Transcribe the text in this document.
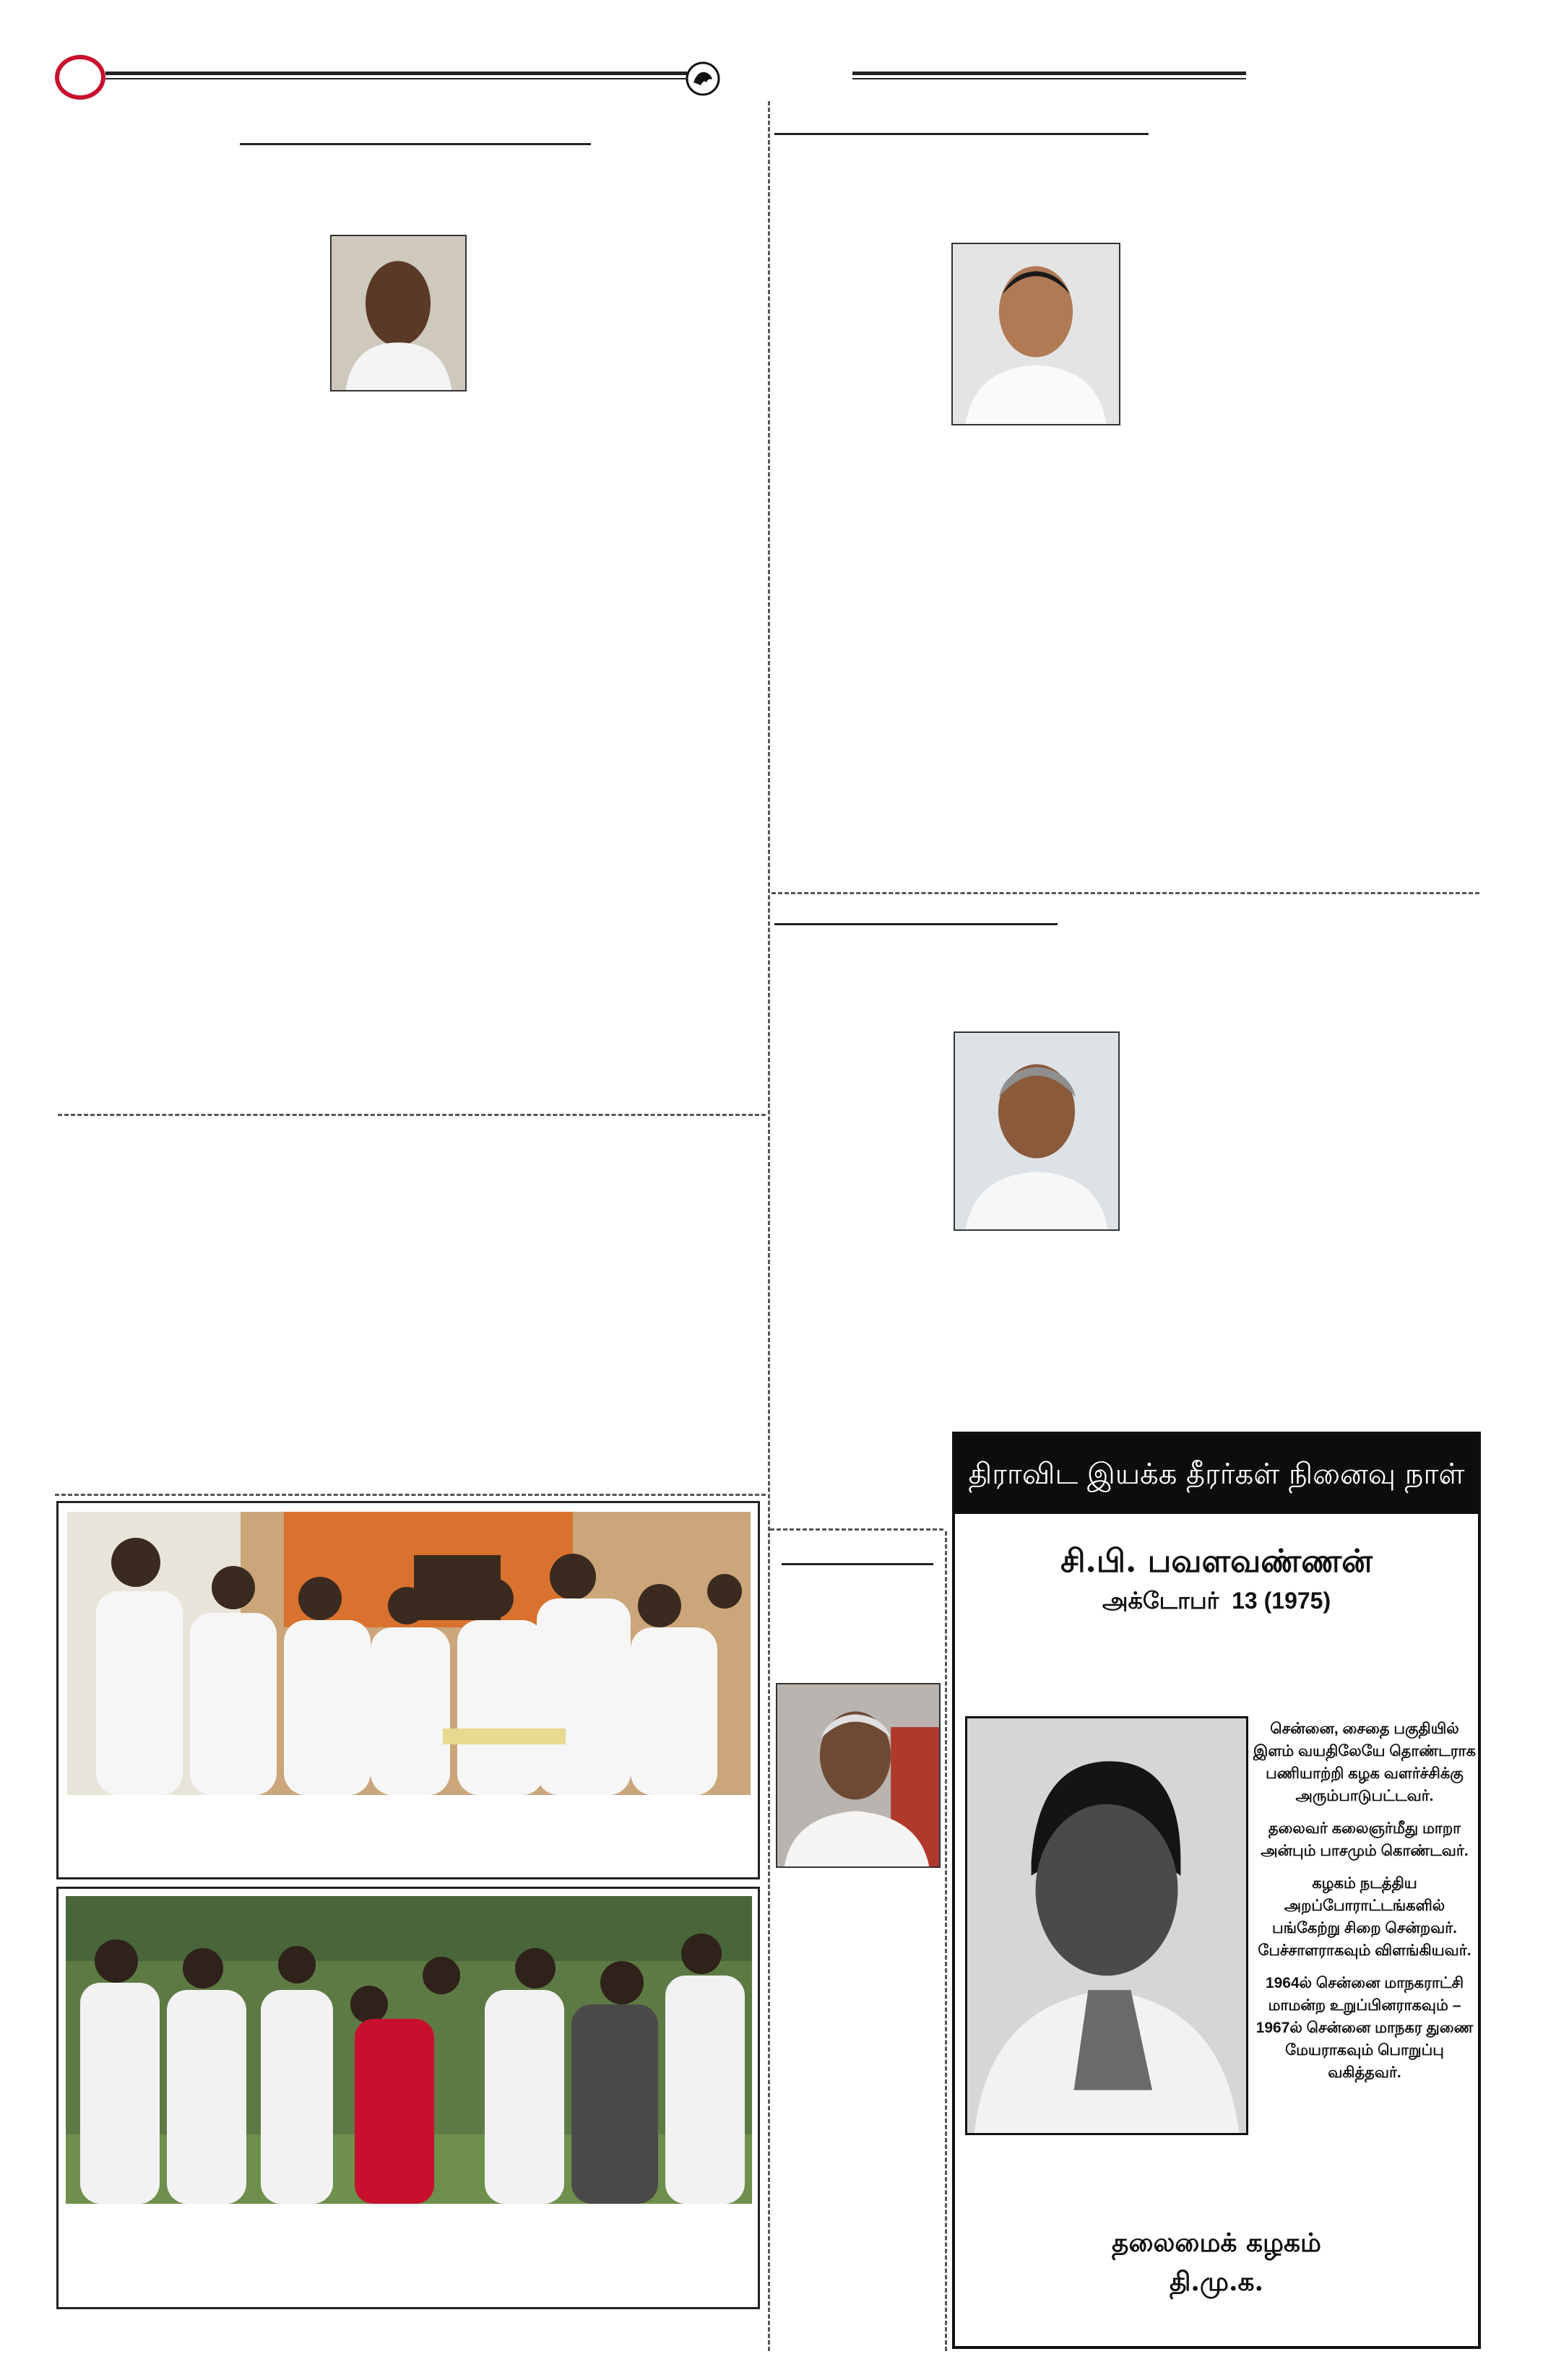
திராவிட இயக்க தீரர்கள் நினைவு நாள்
சி.பி. பவளவண்ணன்
அக்டோபர்  13 (1975)

சென்னை, சைதை பகுதியில் இளம் வயதிலேயே தொண்டராக பணியாற்றி கழக வளர்ச்சிக்கு அரும்பாடுபட்டவர்.

தலைவர் கலைஞர்மீது மாறா அன்பும் பாசமும் கொண்டவர்.

கழகம் நடத்திய அறப்போராட்டங்களில் பங்கேற்று சிறை சென்றவர். பேச்சாளராகவும் விளங்கியவர்.

1964ல் சென்னை மாநகராட்சி மாமன்ற உறுப்பினராகவும் – 1967ல் சென்னை மாநகர துணை மேயராகவும் பொறுப்பு வகித்தவர்.

தலைமைக் கழகம்
தி.மு.க.
